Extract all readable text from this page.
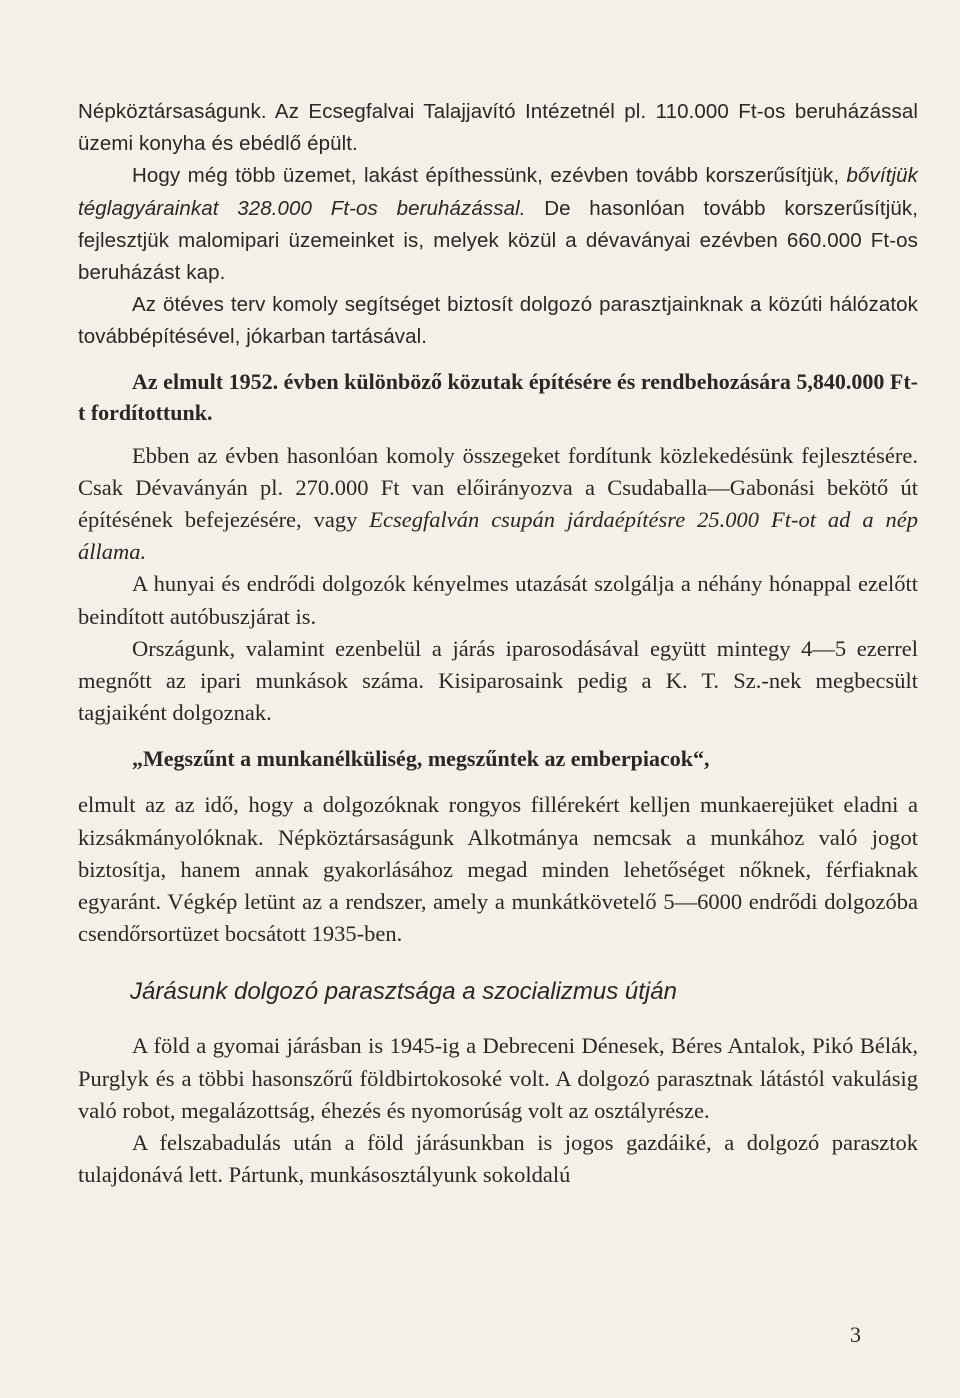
Népköztársaságunk. Az Ecsegfalvai Talajjavító Intézetnél pl. 110.000 Ft-os beruházással üzemi konyha és ebédlő épült.

Hogy még több üzemet, lakást építhessünk, ezévben tovább korszerűsítjük, bővítjük téglagyárainkat 328.000 Ft-os beruházással. De hasonlóan tovább korszerűsítjük, fejlesztjük malomipari üzemeinket is, melyek közül a dévaványai ezévben 660.000 Ft-os beruházást kap.

Az ötéves terv komoly segítséget biztosít dolgozó parasztjainknak a közúti hálózatok továbbépítésével, jókarban tartásával.

Az elmult 1952. évben különböző közutak építésére és rendbehozására 5,840.000 Ft-t fordítottunk.

Ebben az évben hasonlóan komoly összegeket fordítunk közlekedésünk fejlesztésére. Csak Dévaványán pl. 270.000 Ft van előirányozva a Csudaballa—Gabonási bekötő út építésének befejezésére, vagy Ecsegfalván csupán járdaépítésre 25.000 Ft-ot ad a nép állama.

A hunyai és endrődi dolgozók kényelmes utazását szolgálja a néhány hónappal ezelőtt beindított autóbuszjárat is.

Országunk, valamint ezenbelül a járás iparosodásával együtt mintegy 4—5 ezerrel megnőtt az ipari munkások száma. Kisiparosaink pedig a K. T. Sz.-nek megbecsült tagjaiként dolgoznak.

„Megszűnt a munkanélküliség, megszűntek az emberpiacok“,

elmult az az idő, hogy a dolgozóknak rongyos fillérekért kelljen munkaerejüket eladni a kizsákmányolóknak. Népköztársaságunk Alkotmánya nemcsak a munkához való jogot biztosítja, hanem annak gyakorlásához megad minden lehetőséget nőknek, férfiaknak egyaránt. Végkép letünt az a rendszer, amely a munkátkövetelő 5—6000 endrődi dolgozóba csendőrsortüzet bocsátott 1935-ben.

Járásunk dolgozó parasztsága a szocializmus útján

A föld a gyomai járásban is 1945-ig a Debreceni Dénesek, Béres Antalok, Pikó Bélák, Purglyk és a többi hasonszőrű földbirtokosoké volt. A dolgozó parasztnak látástól vakulásig való robot, megalázottság, éhezés és nyomorúság volt az osztályrésze.

A felszabadulás után a föld járásunkban is jogos gazdáiké, a dolgozó parasztok tulajdonává lett. Pártunk, munkásosztályunk sokoldalú

3
